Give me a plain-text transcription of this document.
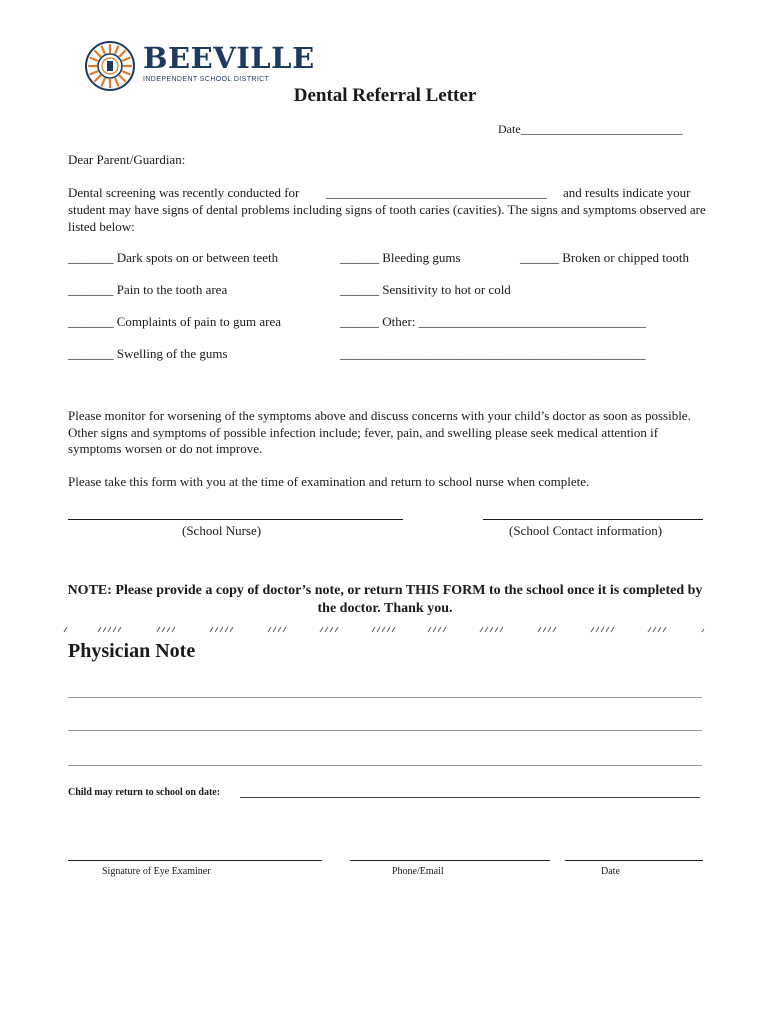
BEEVILLE
INDEPENDENT SCHOOL DISTRICT
Dental Referral Letter
Date___________________________
Dear Parent/Guardian:
Dental screening was recently conducted for __________________________________ and results indicate your
student may have signs of dental problems including signs of tooth caries (cavities). The signs and symptoms observed are listed below:
_______ Dark spots on or between teeth	______ Bleeding gums	______ Broken or chipped tooth
_______ Pain to the tooth area	______ Sensitivity to hot or cold
_______ Complaints of pain to gum area	______ Other: ___________________________________
_______ Swelling of the gums	_______________________________________________
Please monitor for worsening of the symptoms above and discuss concerns with your child’s doctor as soon as possible. Other signs and symptoms of possible infection include; fever, pain, and swelling please seek medical attention if symptoms worsen or do not improve.
Please take this form with you at the time of examination and return to school nurse when complete.
(School Nurse)	(School Contact information)
NOTE: Please provide a copy of doctor’s note, or return THIS FORM to the school once it is completed by the doctor. Thank you.
Physician Note
Child may return to school on date:
Signature of Eye Examiner	Phone/Email	Date
